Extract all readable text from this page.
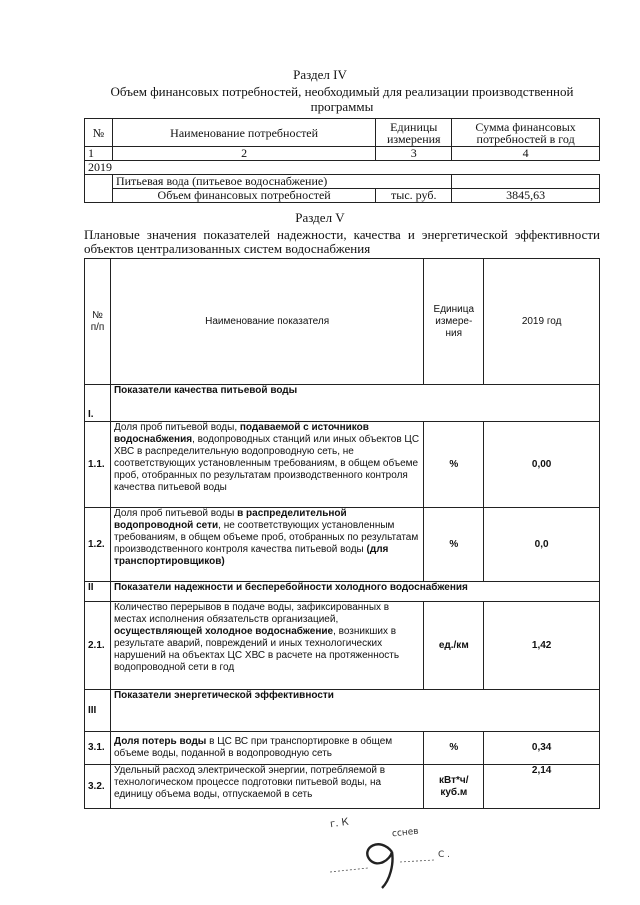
Раздел IV
Объем финансовых потребностей, необходимый для реализации производственной программы
№	Наименование потребностей	Единицы измерения	Сумма финансовых потребностей в год
1	2	3	4
2019			
	Питьевая вода (питьевое водоснабжение)		
	Объем финансовых потребностей	тыс. руб.	3845,63
Раздел V
Плановые значения показателей надежности, качества и энергетической эффективности объектов централизованных систем водоснабжения
№ п/п	Наименование показателя	Единица измере-ния	2019 год
I.	Показатели качества питьевой воды		
1.1.	Доля проб питьевой воды, подаваемой с источников водоснабжения, водопроводных станций или иных объектов ЦС ХВС в распределительную водопроводную сеть, не соответствующих установленным требованиям, в общем объеме проб, отобранных по результатам производственного контроля качества питьевой воды	%	0,00
1.2.	Доля проб питьевой воды в распределительной водопроводной сети, не соответствующих установленным требованиям, в общем объеме проб, отобранных по результатам производственного контроля качества питьевой воды (для транспортировщиков)	%	0,0
II	Показатели надежности и бесперебойности холодного водоснабжения		
2.1.	Количество перерывов в подаче воды, зафиксированных в местах исполнения обязательств организацией, осуществляющей холодное водоснабжение, возникших в результате аварий, повреждений и иных технологических нарушений на объектах ЦС ХВС в расчете на протяженность водопроводной сети в год	ед./км	1,42
III	Показатели энергетической эффективности		
3.1.	Доля потерь воды в ЦС ВС при транспортировке в общем объеме воды, поданной в водопроводную сеть	%	0,34
3.2.	Удельный расход электрической энергии, потребляемой в технологическом процессе подготовки питьевой воды, на единицу объема воды, отпускаемой в сеть	кВт*ч/куб.м	2,14
г. К
сснев
С .
